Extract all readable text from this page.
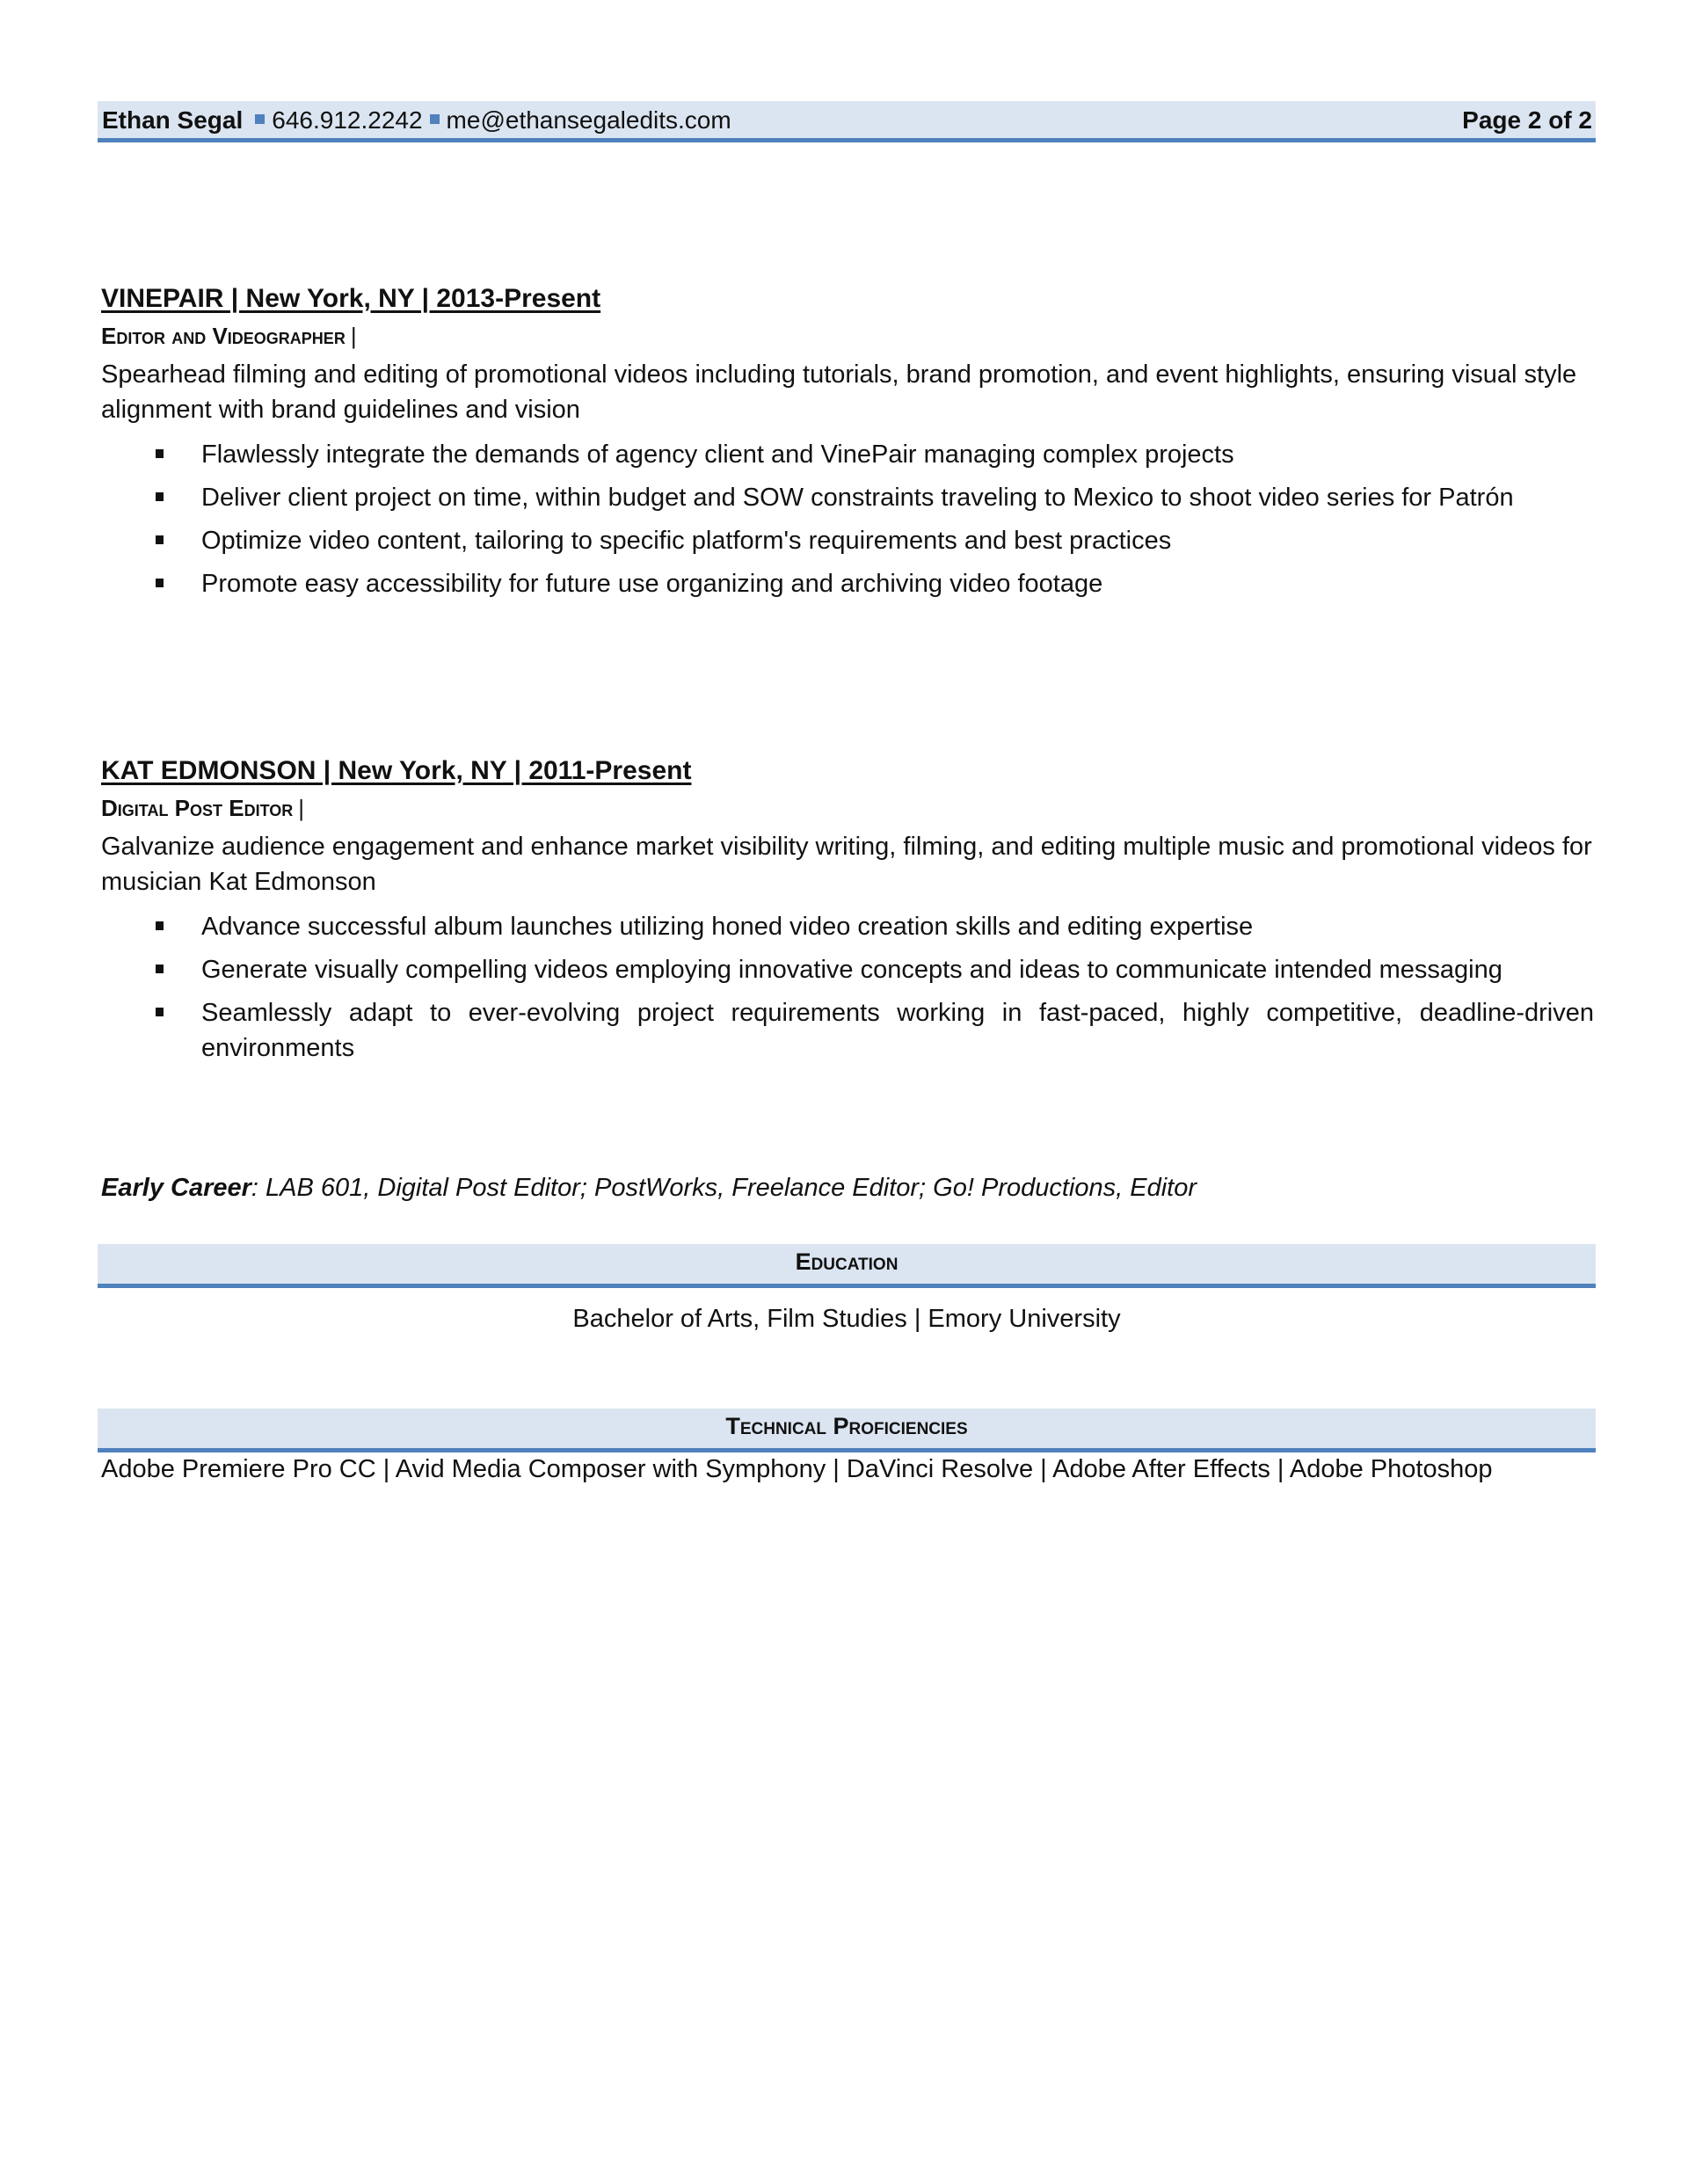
Ethan Segal 646.912.2242 me@ethansegaledits.com	Page 2 of 2
VINEPAIR | New York, NY | 2013-Present
Editor and Videographer |
Spearhead filming and editing of promotional videos including tutorials, brand promotion, and event highlights, ensuring visual style alignment with brand guidelines and vision
Flawlessly integrate the demands of agency client and VinePair managing complex projects
Deliver client project on time, within budget and SOW constraints traveling to Mexico to shoot video series for Patrón
Optimize video content, tailoring to specific platform's requirements and best practices
Promote easy accessibility for future use organizing and archiving video footage
KAT EDMONSON | New York, NY | 2011-Present
Digital Post Editor |
Galvanize audience engagement and enhance market visibility writing, filming, and editing multiple music and promotional videos for musician Kat Edmonson
Advance successful album launches utilizing honed video creation skills and editing expertise
Generate visually compelling videos employing innovative concepts and ideas to communicate intended messaging
Seamlessly adapt to ever-evolving project requirements working in fast-paced, highly competitive, deadline-driven environments
Early Career: LAB 601, Digital Post Editor; PostWorks, Freelance Editor; Go! Productions, Editor
Education
Bachelor of Arts, Film Studies | Emory University
Technical Proficiencies
Adobe Premiere Pro CC | Avid Media Composer with Symphony | DaVinci Resolve | Adobe After Effects | Adobe Photoshop
